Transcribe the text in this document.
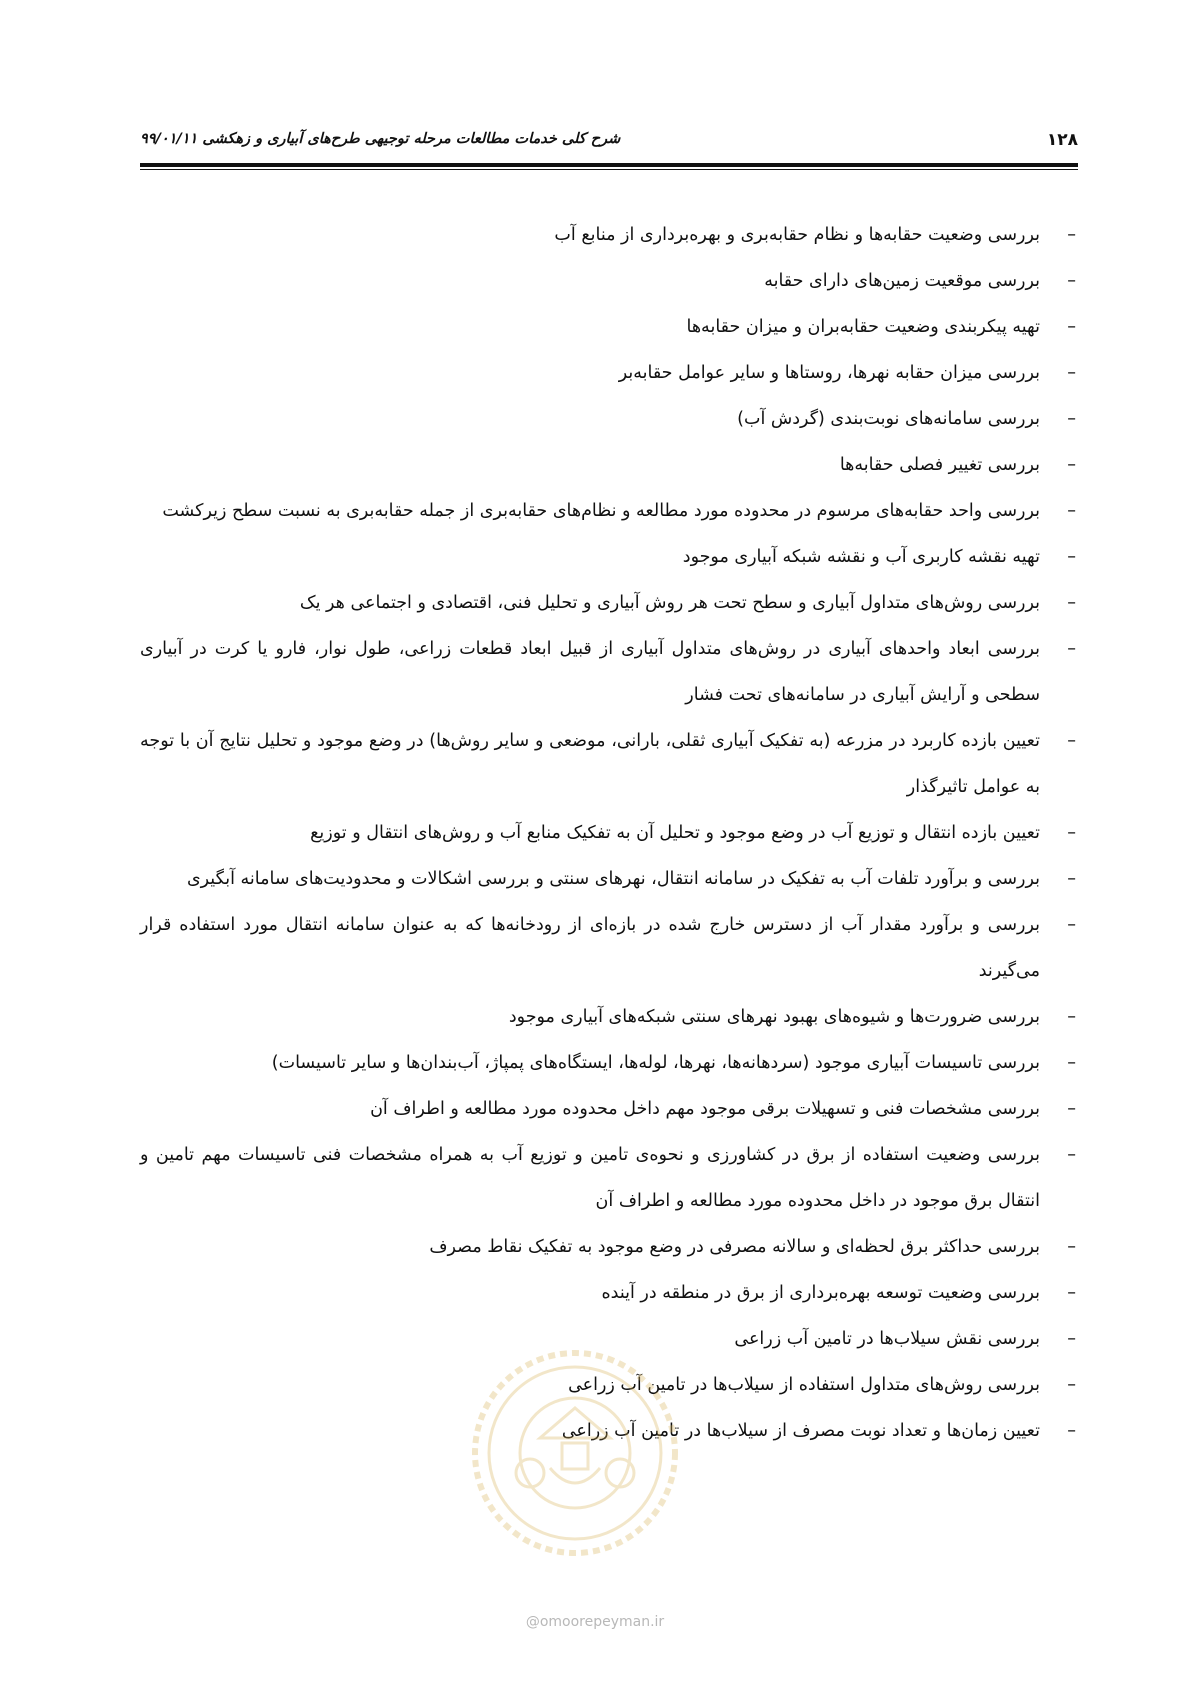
۱۲۸
شرح کلی خدمات مطالعات مرحله توجیهی طرح‌های آبیاری و زهکشی ۹۹/۰۱/۱۱
–
بررسی وضعیت حقابه‌ها و نظام حقابه‌بری و بهره‌برداری از منابع آب
–
بررسی موقعیت زمین‌های دارای حقابه
–
تهیه پیکربندی وضعیت حقابه‌بران و میزان حقابه‌ها
–
بررسی میزان حقابه نهرها، روستاها و سایر عوامل حقابه‌بر
–
بررسی سامانه‌های نوبت‌بندی (گردش آب)
–
بررسی تغییر فصلی حقابه‌ها
–
بررسی واحد حقابه‌های مرسوم در محدوده مورد مطالعه و نظام‌های حقابه‌بری از جمله حقابه‌بری به نسبت سطح زیرکشت
–
تهیه نقشه کاربری آب و نقشه شبکه آبیاری موجود
–
بررسی روش‌های متداول آبیاری و سطح تحت هر روش آبیاری و تحلیل فنی، اقتصادی و اجتماعی هر یک
–
بررسی ابعاد واحدهای آبیاری در روش‌های متداول آبیاری از قبیل ابعاد قطعات زراعی، طول نوار، فارو یا کرت در آبیاری سطحی و آرایش آبیاری در سامانه‌های تحت فشار
–
تعیین بازده کاربرد در مزرعه (به تفکیک آبیاری ثقلی، بارانی، موضعی و سایر روش‌ها) در وضع موجود و تحلیل نتایج آن با توجه به عوامل تاثیرگذار
–
تعیین بازده انتقال و توزیع آب در وضع موجود و تحلیل آن به تفکیک منابع آب و روش‌های انتقال و توزیع
–
بررسی و برآورد تلفات آب به تفکیک در سامانه انتقال، نهرهای سنتی و بررسی اشکالات و محدودیت‌های سامانه آبگیری
–
بررسی و برآورد مقدار آب از دسترس خارج شده در بازه‌ای از رودخانه‌ها که به عنوان سامانه انتقال مورد استفاده قرار می‌گیرند
–
بررسی ضرورت‌ها و شیوه‌های بهبود نهرهای سنتی شبکه‌های آبیاری موجود
–
بررسی تاسیسات آبیاری موجود (سردهانه‌ها، نهرها، لوله‌ها، ایستگاه‌های پمپاژ، آب‌بندان‌ها و سایر تاسیسات)
–
بررسی مشخصات فنی و تسهیلات برقی موجود مهم داخل محدوده مورد مطالعه و اطراف آن
–
بررسی وضعیت استفاده از برق در کشاورزی و نحوه‌ی تامین و توزیع آب به همراه مشخصات فنی تاسیسات مهم تامین و انتقال برق موجود در داخل محدوده مورد مطالعه و اطراف آن
–
بررسی حداکثر برق لحظه‌ای و سالانه مصرفی در وضع موجود به تفکیک نقاط مصرف
–
بررسی وضعیت توسعه بهره‌برداری از برق در منطقه در آینده
–
بررسی نقش سیلاب‌ها در تامین آب زراعی
–
بررسی روش‌های متداول استفاده از سیلاب‌ها در تامین آب زراعی
–
تعیین زمان‌ها و تعداد نوبت مصرف از سیلاب‌ها در تامین آب زراعی
@omoorepeyman.ir
